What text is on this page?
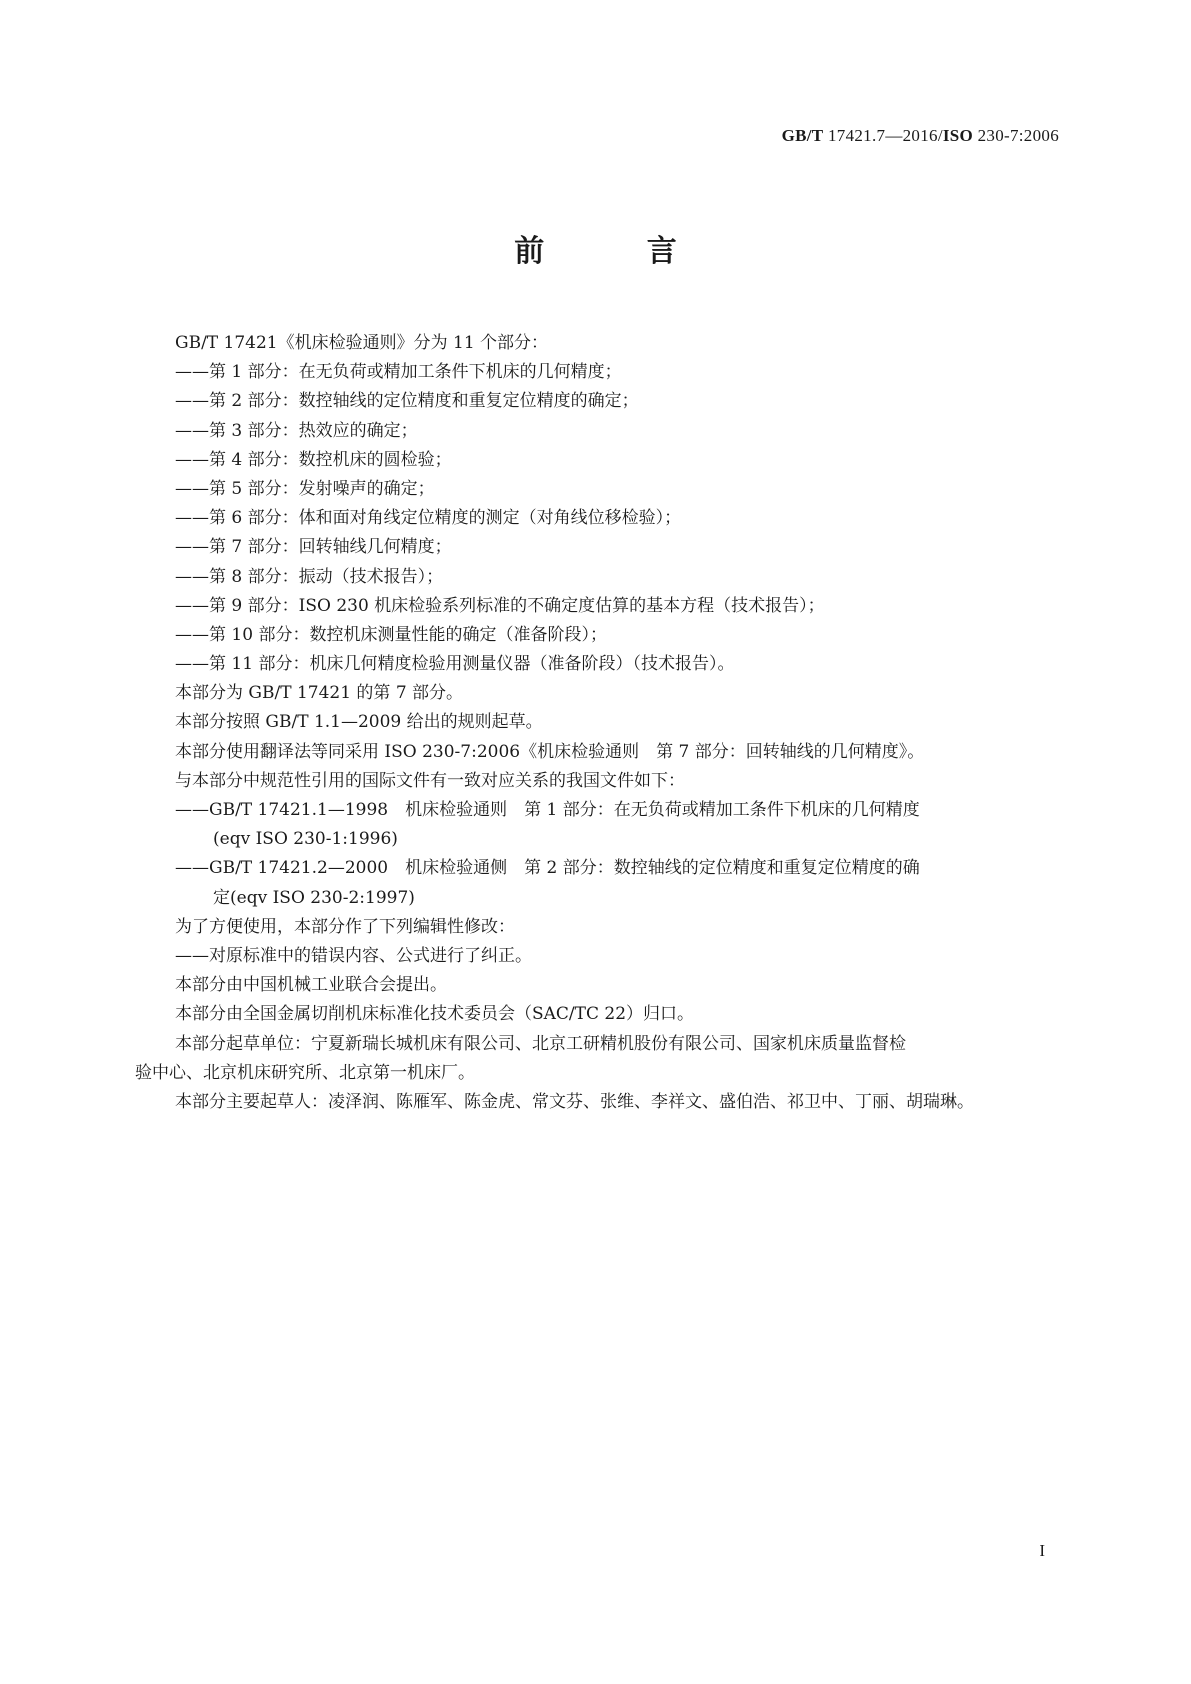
GB/T 17421.7—2016/ISO 230-7:2006
前 言
GB/T 17421《机床检验通则》分为 11 个部分：
——第 1 部分：在无负荷或精加工条件下机床的几何精度；
——第 2 部分：数控轴线的定位精度和重复定位精度的确定；
——第 3 部分：热效应的确定；
——第 4 部分：数控机床的圆检验；
——第 5 部分：发射噪声的确定；
——第 6 部分：体和面对角线定位精度的测定（对角线位移检验）；
——第 7 部分：回转轴线几何精度；
——第 8 部分：振动（技术报告）；
——第 9 部分：ISO 230 机床检验系列标准的不确定度估算的基本方程（技术报告）；
——第 10 部分：数控机床测量性能的确定（准备阶段）；
——第 11 部分：机床几何精度检验用测量仪器（准备阶段）（技术报告）。
本部分为 GB/T 17421 的第 7 部分。
本部分按照 GB/T 1.1—2009 给出的规则起草。
本部分使用翻译法等同采用 ISO 230-7:2006《机床检验通则　第 7 部分：回转轴线的几何精度》。
与本部分中规范性引用的国际文件有一致对应关系的我国文件如下：
——GB/T 17421.1—1998　机床检验通则　第 1 部分：在无负荷或精加工条件下机床的几何精度
(eqv ISO 230-1:1996)
——GB/T 17421.2—2000　机床检验通侧　第 2 部分：数控轴线的定位精度和重复定位精度的确
定(eqv ISO 230-2:1997)
为了方便使用，本部分作了下列编辑性修改：
——对原标准中的错误内容、公式进行了纠正。
本部分由中国机械工业联合会提出。
本部分由全国金属切削机床标准化技术委员会（SAC/TC 22）归口。
本部分起草单位：宁夏新瑞长城机床有限公司、北京工研精机股份有限公司、国家机床质量监督检
验中心、北京机床研究所、北京第一机床厂。
本部分主要起草人：凌泽润、陈雁军、陈金虎、常文芬、张维、李祥文、盛伯浩、祁卫中、丁丽、胡瑞琳。
I
